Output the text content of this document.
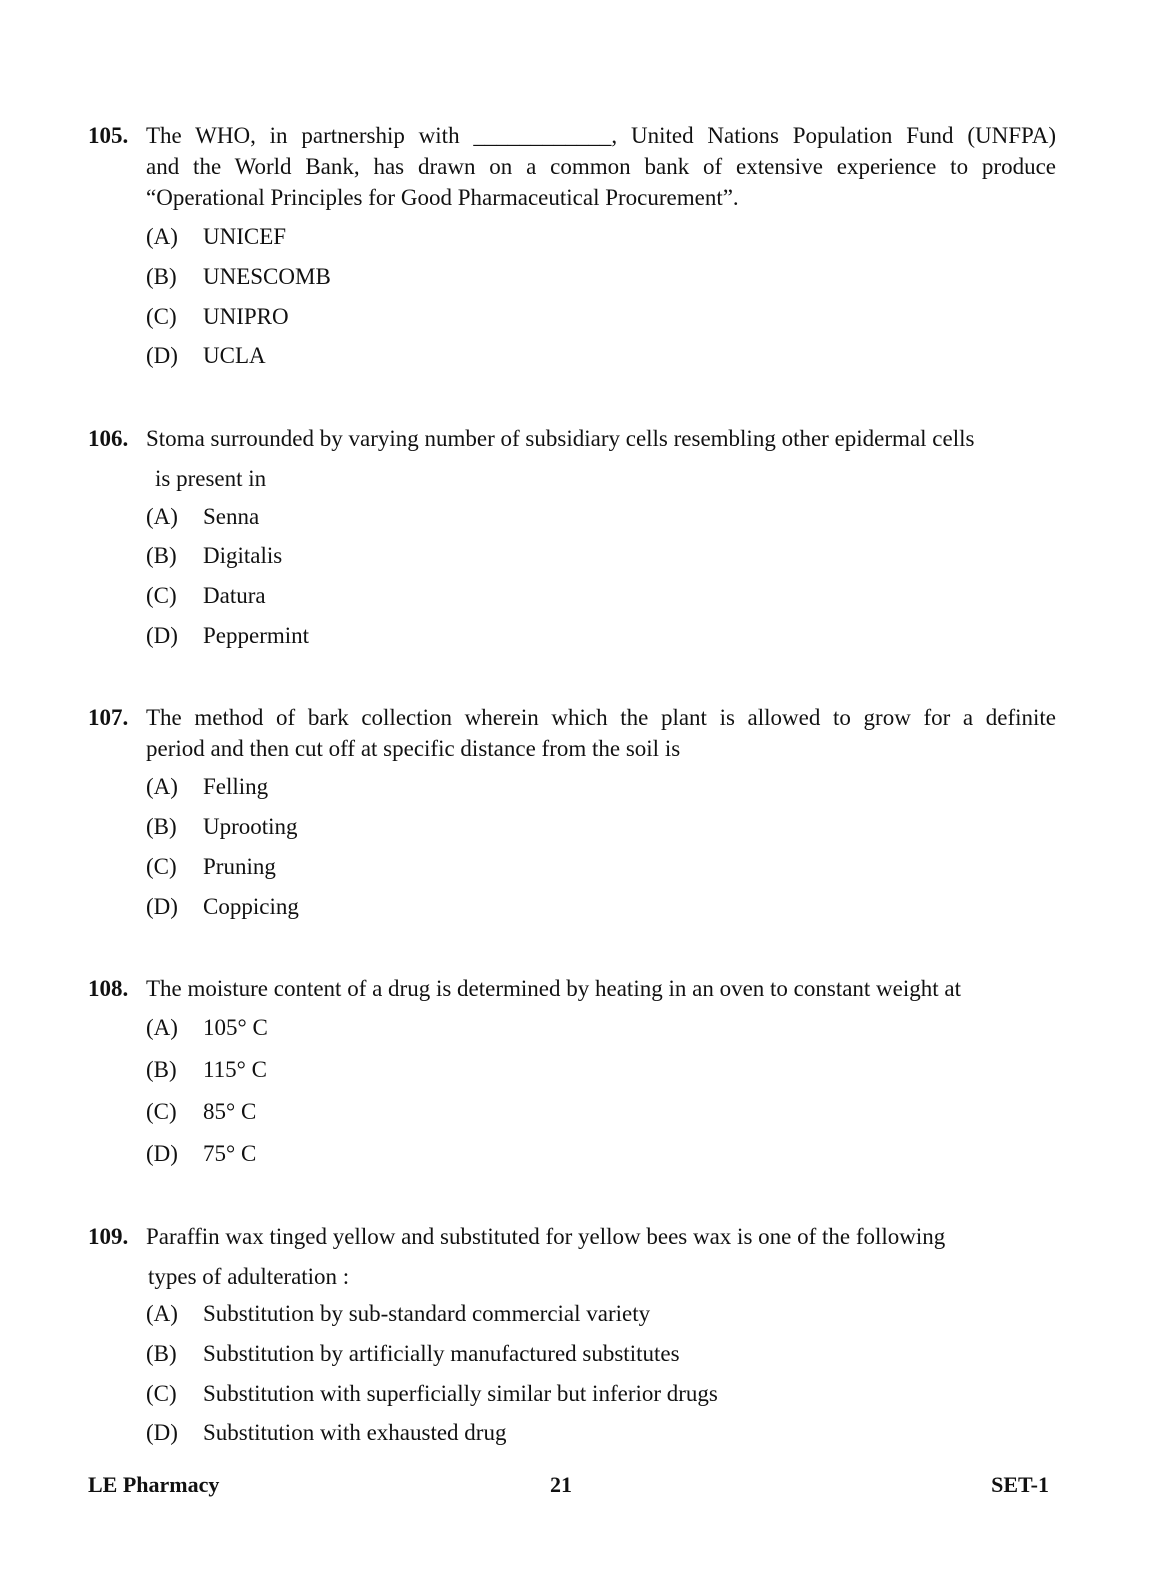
105. The WHO, in partnership with ____________, United Nations Population Fund (UNFPA)
and the World Bank, has drawn on a common bank of extensive experience to produce
“Operational Principles for Good Pharmaceutical Procurement”.
(A) UNICEF
(B) UNESCOMB
(C) UNIPRO
(D) UCLA
106. Stoma surrounded by varying number of subsidiary cells resembling other epidermal cells
is present in
(A) Senna
(B) Digitalis
(C) Datura
(D) Peppermint
107. The method of bark collection wherein which the plant is allowed to grow for a definite
period and then cut off at specific distance from the soil is
(A) Felling
(B) Uprooting
(C) Pruning
(D) Coppicing
108. The moisture content of a drug is determined by heating in an oven to constant weight at
(A) 105° C
(B) 115° C
(C) 85° C
(D) 75° C
109. Paraffin wax tinged yellow and substituted for yellow bees wax is one of the following
types of adulteration :
(A) Substitution by sub-standard commercial variety
(B) Substitution by artificially manufactured substitutes
(C) Substitution with superficially similar but inferior drugs
(D) Substitution with exhausted drug
LE Pharmacy	21	SET-1
